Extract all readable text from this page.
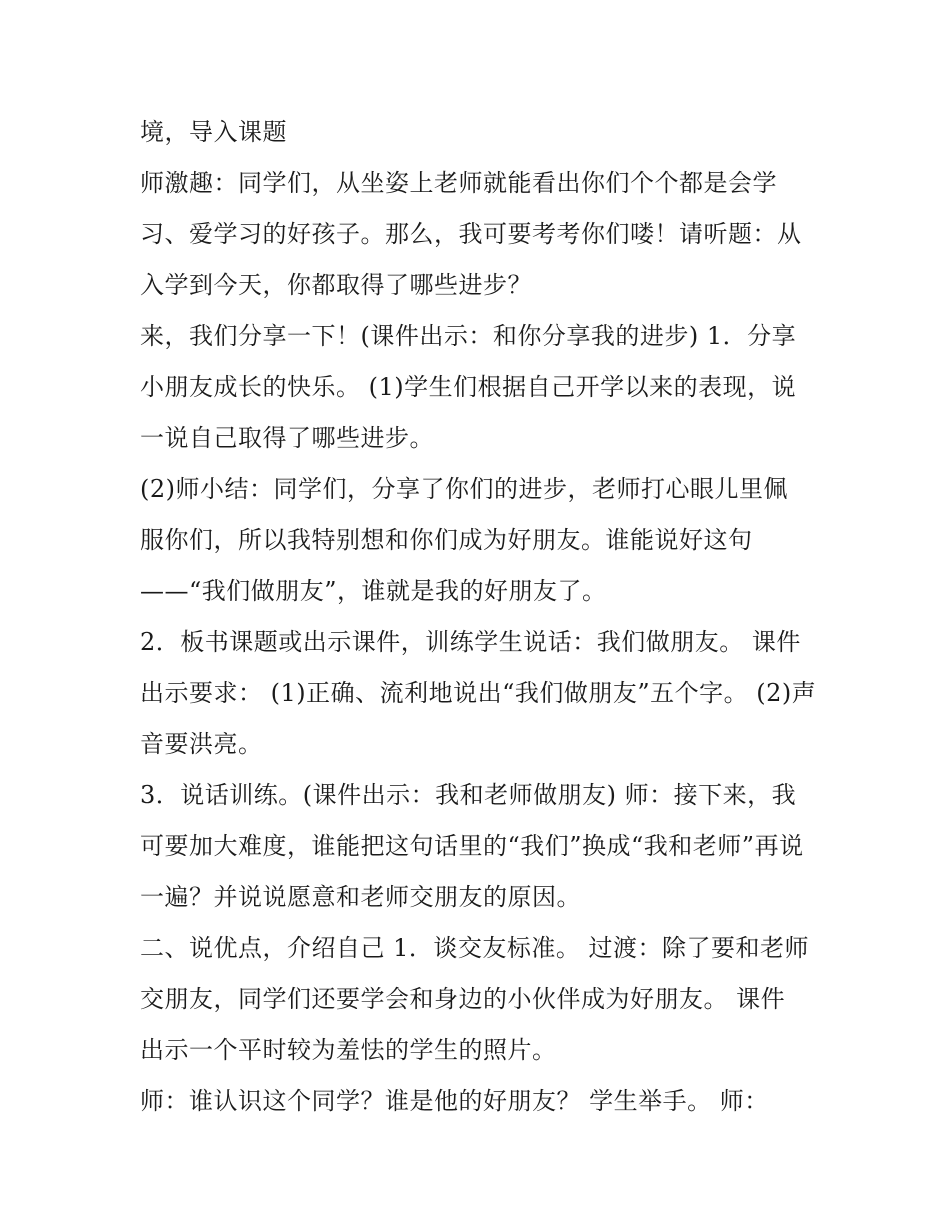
境，导入课题
师激趣：同学们，从坐姿上老师就能看出你们个个都是会学
习、爱学习的好孩子。那么，我可要考考你们喽！请听题：从
入学到今天，你都取得了哪些进步？
来，我们分享一下！(课件出示：和你分享我的进步) 1．分享
小朋友成长的快乐。 (1)学生们根据自己开学以来的表现，说
一说自己取得了哪些进步。
(2)师小结：同学们，分享了你们的进步，老师打心眼儿里佩
服你们，所以我特别想和你们成为好朋友。谁能说好这句
——“我们做朋友”，谁就是我的好朋友了。
2．板书课题或出示课件，训练学生说话：我们做朋友。 课件
出示要求： (1)正确、流利地说出“我们做朋友”五个字。 (2)声
音要洪亮。
3．说话训练。(课件出示：我和老师做朋友) 师：接下来，我
可要加大难度，谁能把这句话里的“我们”换成“我和老师”再说
一遍？并说说愿意和老师交朋友的原因。
二、说优点，介绍自己 1．谈交友标准。 过渡：除了要和老师
交朋友，同学们还要学会和身边的小伙伴成为好朋友。 课件
出示一个平时较为羞怯的学生的照片。
师：谁认识这个同学？谁是他的好朋友？ 学生举手。 师：
